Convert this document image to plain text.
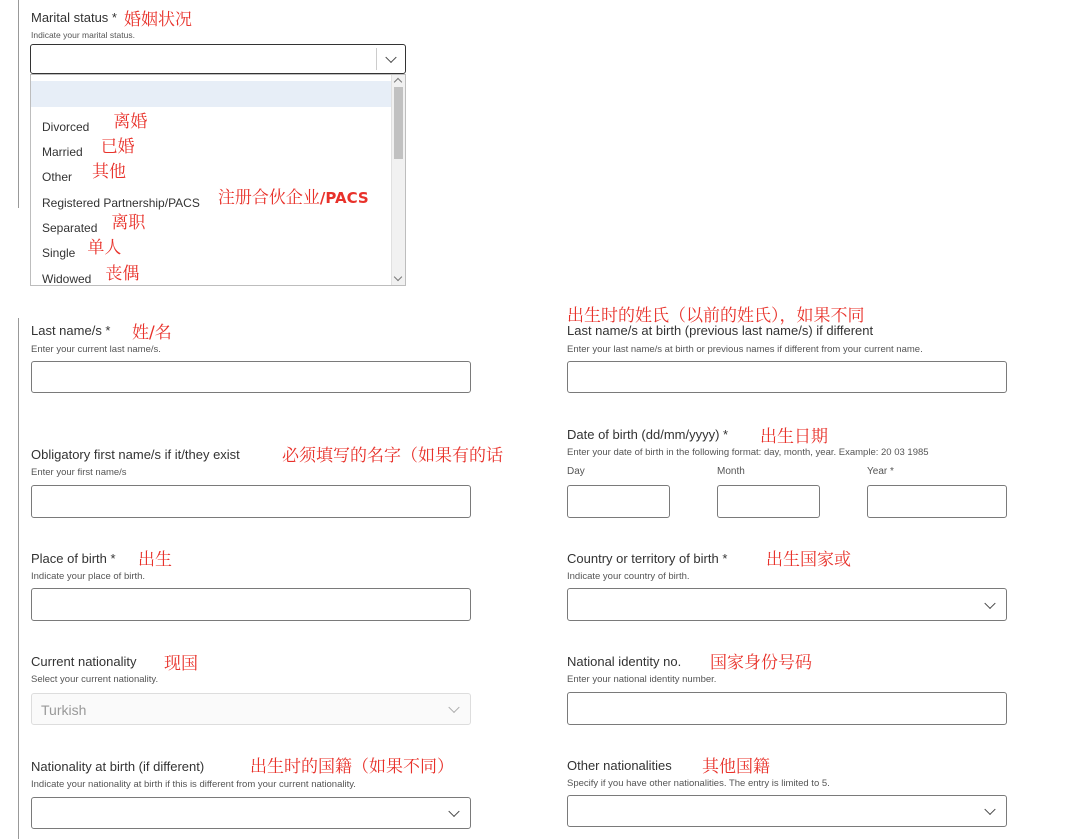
Marital status * 婚姻状况
Indicate your marital status.
Divorced 离婚
Married 已婚
Other 其他
Registered Partnership/PACS 注册合伙企业/PACS
Separated 离职
Single 单人
Widowed 丧偶
Last name/s * 姓/名
Enter your current last name/s.
出生时的姓氏（以前的姓氏），如果不同
Last name/s at birth (previous last name/s) if different
Enter your last name/s at birth or previous names if different from your current name.
Obligatory first name/s if it/they exist 必须填写的名字（如果有的话
Enter your first name/s
Date of birth (dd/mm/yyyy) * 出生日期
Enter your date of birth in the following format: day, month, year. Example: 20 03 1985
Day	Month	Year *
Place of birth * 出生
Indicate your place of birth.
Country or territory of birth * 出生国家或
Indicate your country of birth.
Current nationality 现国
Select your current nationality.
Turkish
National identity no. 国家身份号码
Enter your national identity number.
Nationality at birth (if different)	出生时的国籍（如果不同）
Indicate your nationality at birth if this is different from your current nationality.
Other nationalities 其他国籍
Specify if you have other nationalities. The entry is limited to 5.
